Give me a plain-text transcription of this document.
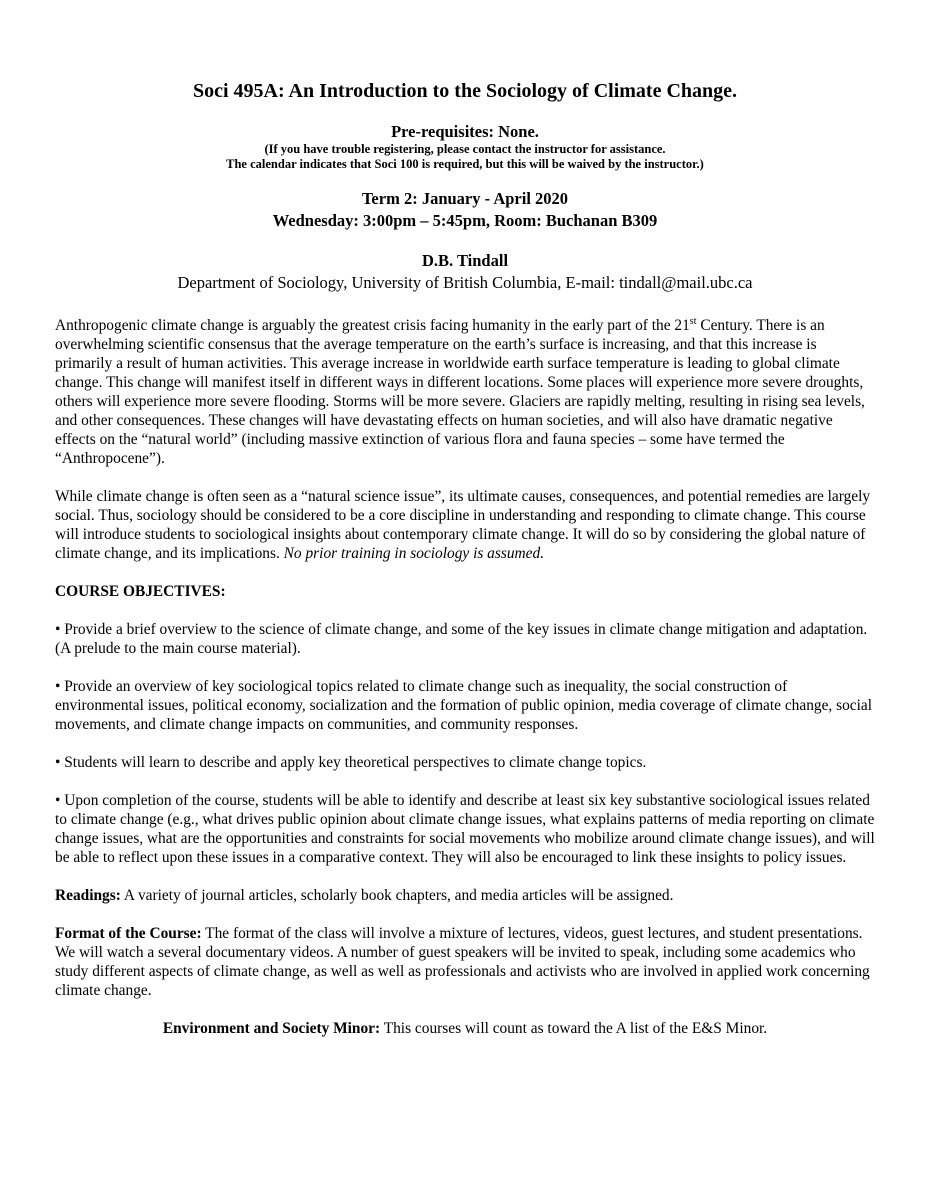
Soci 495A: An Introduction to the Sociology of Climate Change.
Pre-requisites: None.
(If you have trouble registering, please contact the instructor for assistance.
The calendar indicates that Soci 100 is required, but this will be waived by the instructor.)
Term 2: January - April 2020
Wednesday: 3:00pm – 5:45pm, Room: Buchanan B309
D.B. Tindall
Department of Sociology, University of British Columbia, E-mail: tindall@mail.ubc.ca

Anthropogenic climate change is arguably the greatest crisis facing humanity in the early part of the 21st Century. There is an overwhelming scientific consensus that the average temperature on the earth’s surface is increasing, and that this increase is primarily a result of human activities. This average increase in worldwide earth surface temperature is leading to global climate change. This change will manifest itself in different ways in different locations. Some places will experience more severe droughts, others will experience more severe flooding. Storms will be more severe. Glaciers are rapidly melting, resulting in rising sea levels, and other consequences. These changes will have devastating effects on human societies, and will also have dramatic negative effects on the “natural world” (including massive extinction of various flora and fauna species – some have termed the “Anthropocene”).

While climate change is often seen as a “natural science issue”, its ultimate causes, consequences, and potential remedies are largely social. Thus, sociology should be considered to be a core discipline in understanding and responding to climate change. This course will introduce students to sociological insights about contemporary climate change. It will do so by considering the global nature of climate change, and its implications. No prior training in sociology is assumed.

COURSE OBJECTIVES:

• Provide a brief overview to the science of climate change, and some of the key issues in climate change mitigation and adaptation. (A prelude to the main course material).

• Provide an overview of key sociological topics related to climate change such as inequality, the social construction of environmental issues, political economy, socialization and the formation of public opinion, media coverage of climate change, social movements, and climate change impacts on communities, and community responses.

• Students will learn to describe and apply key theoretical perspectives to climate change topics.

• Upon completion of the course, students will be able to identify and describe at least six key substantive sociological issues related to climate change (e.g., what drives public opinion about climate change issues, what explains patterns of media reporting on climate change issues, what are the opportunities and constraints for social movements who mobilize around climate change issues), and will be able to reflect upon these issues in a comparative context. They will also be encouraged to link these insights to policy issues.

Readings: A variety of journal articles, scholarly book chapters, and media articles will be assigned.

Format of the Course: The format of the class will involve a mixture of lectures, videos, guest lectures, and student presentations. We will watch a several documentary videos. A number of guest speakers will be invited to speak, including some academics who study different aspects of climate change, as well as well as professionals and activists who are involved in applied work concerning climate change.

Environment and Society Minor: This courses will count as toward the A list of the E&S Minor.
